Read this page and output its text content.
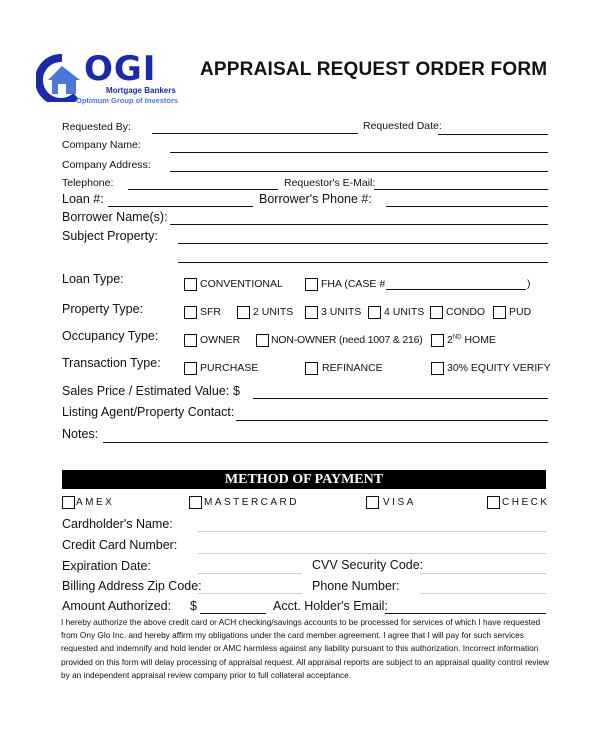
OGI
Mortgage Bankers
Optimum Group of Investors
APPRAISAL REQUEST ORDER FORM
Requested By:	Requested Date:
Company Name:
Company Address:
Telephone:	Requestor's E-Mail:
Loan #:	Borrower's Phone #:
Borrower Name(s):
Subject Property:
Loan Type:	CONVENTIONAL	FHA (CASE #	)
Property Type:	SFR	2 UNITS	3 UNITS 4 UNITS CONDO PUD
Occupancy Type:	OWNER	NON-OWNER (need 1007 & 216) 2ND HOME
Transaction Type:	PURCHASE	REFINANCE	30% EQUITY VERIFY
Sales Price / Estimated Value: $
Listing Agent/Property Contact:
Notes:
METHOD OF PAYMENT
AMEX	MASTERCARD	VISA	CHECK
Cardholder's Name:
Credit Card Number:
Expiration Date:	CVV Security Code:
Billing Address Zip Code:	Phone Number:
Amount Authorized: $	Acct. Holder's Email:
I hereby authorize the above credit card or ACH checking/savings accounts to be processed for services of which I have requested from Ony Glo Inc. and hereby affirm my obligations under the card member agreement. I agree that I will pay for such services requested and indemnify and hold lender or AMC harmless against any liability pursuant to this authorization. Incorrect information provided on this form will delay processing of appraisal request. All appraisal reports are subject to an appraisal quality control review by an independent appraisal review company prior to full collateral acceptance.
